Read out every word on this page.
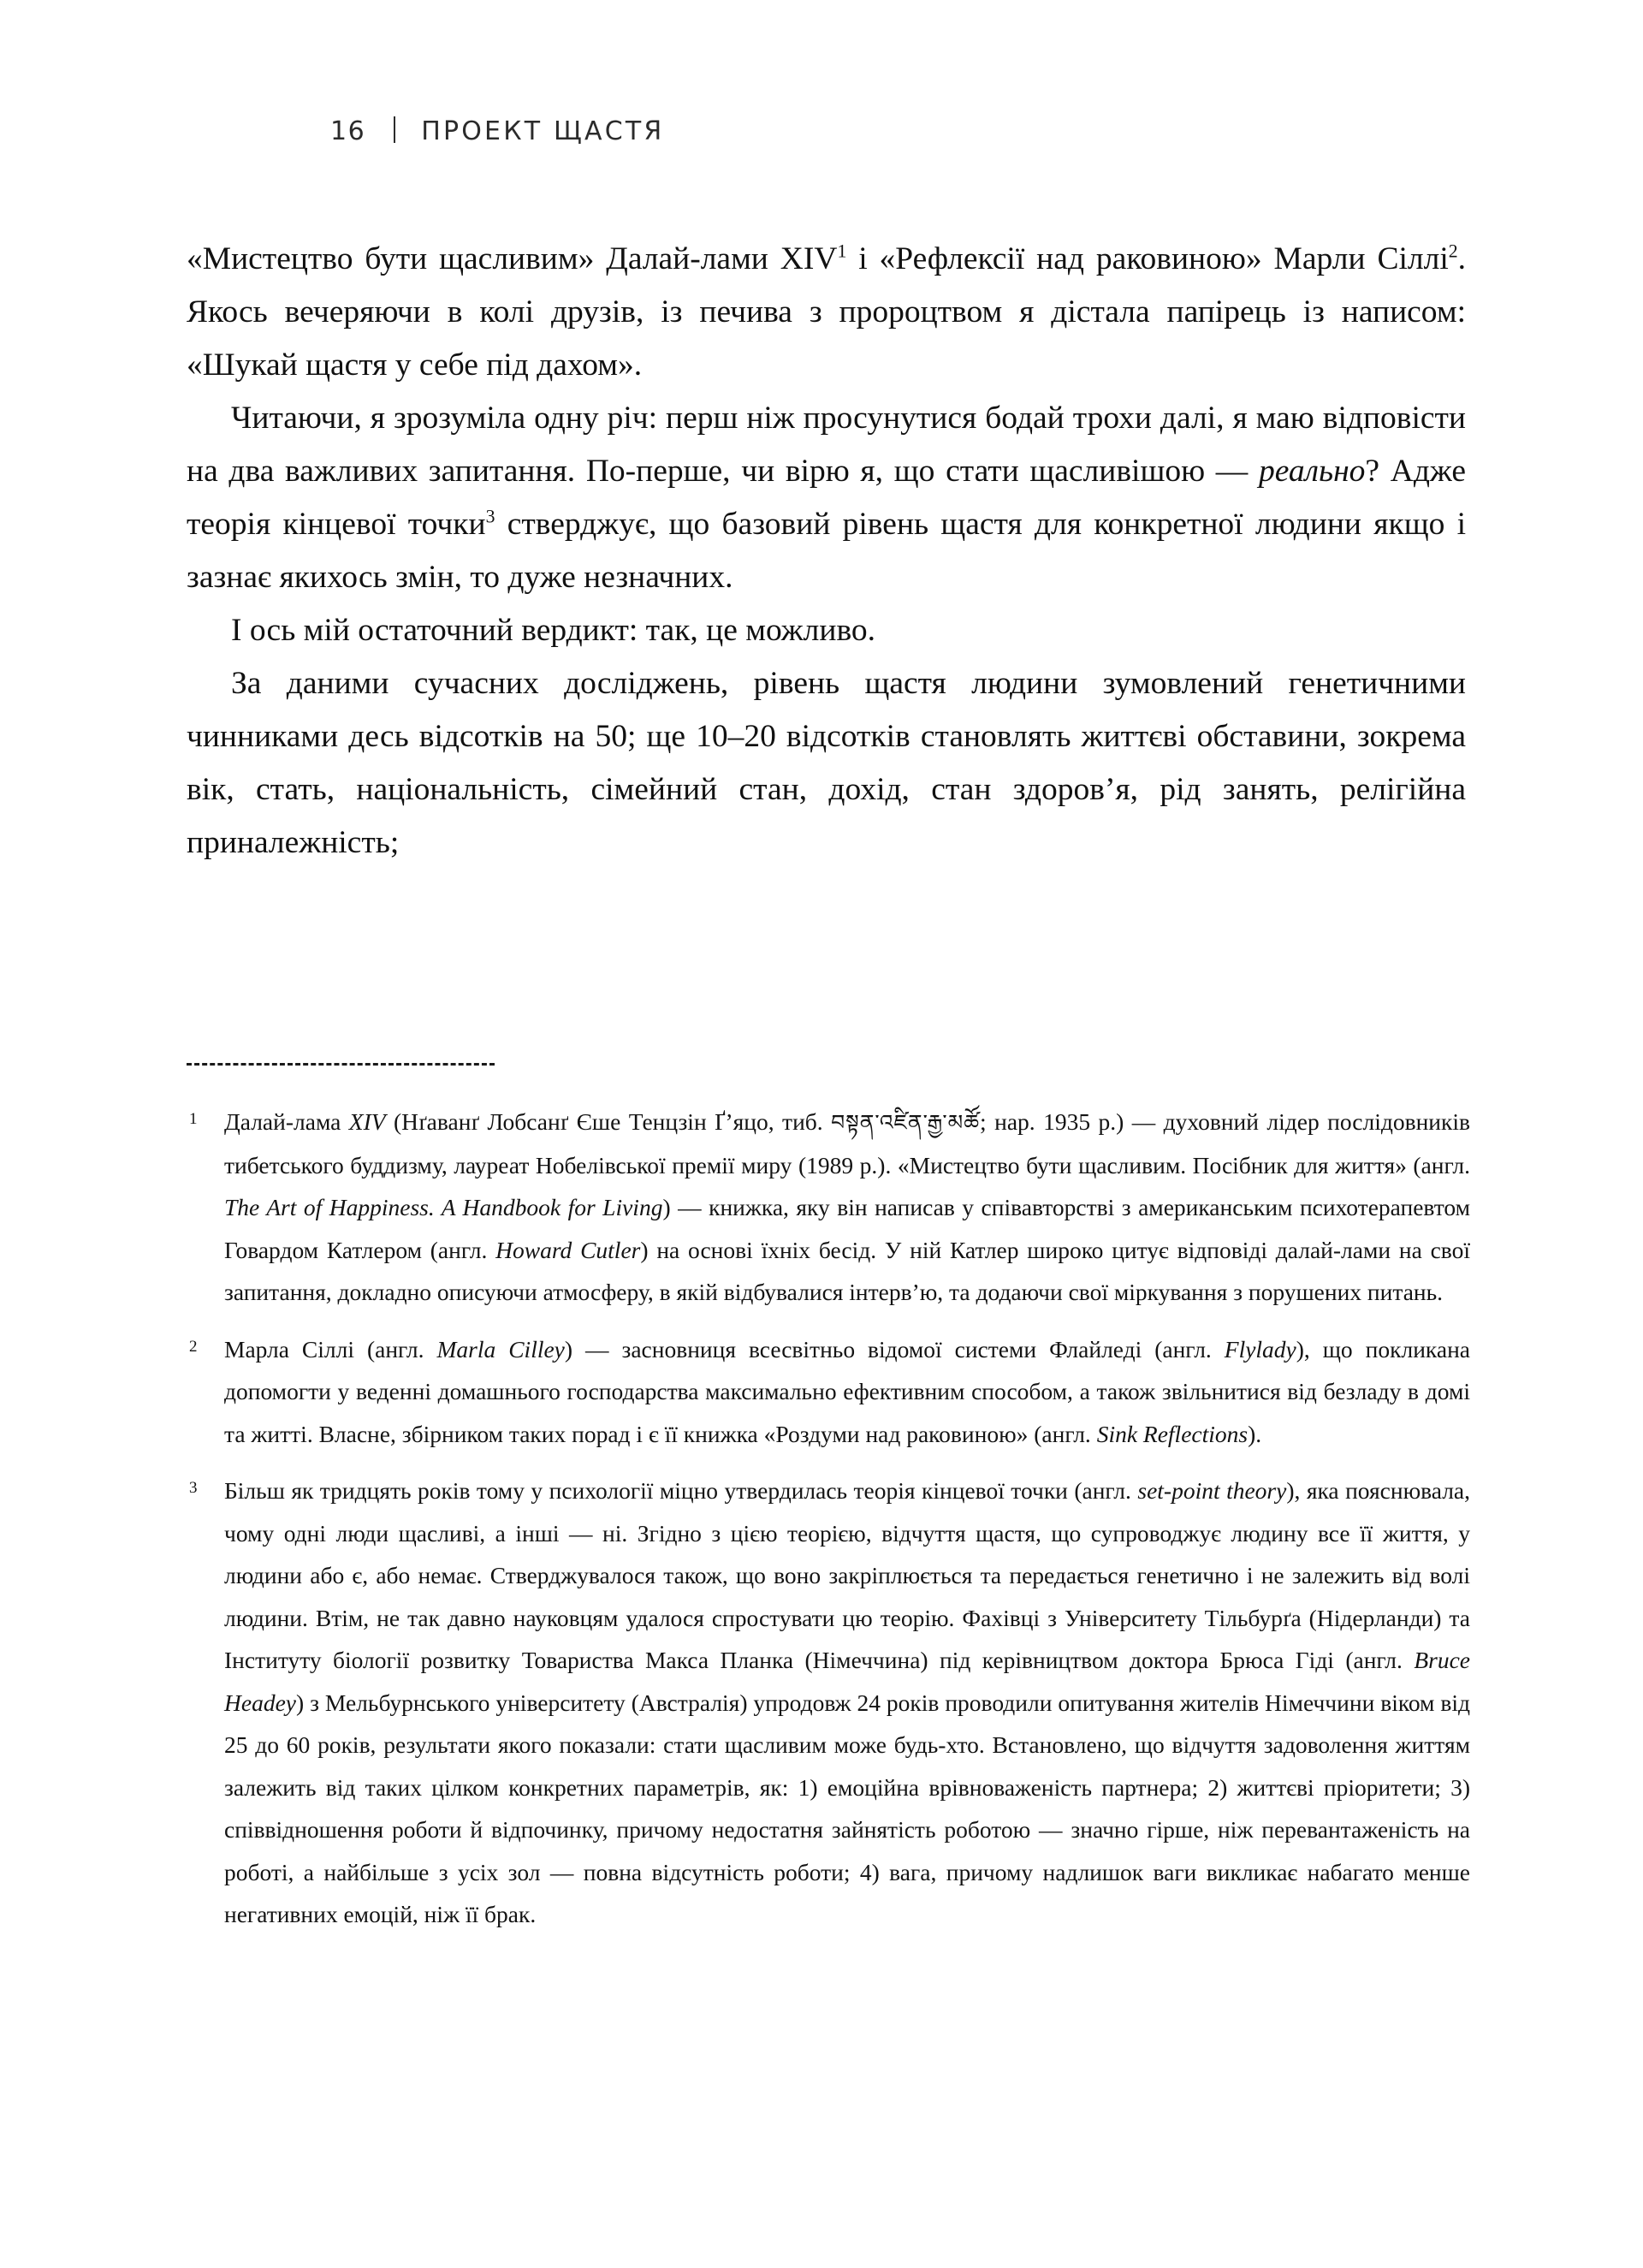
16 ПРОЕКТ ЩАСТЯ

«Мистецтво бути щасливим» Далай-лами XIV$^1$ і «Рефлексії над раковиною» Марли Сіллі$^2$. Якось вечеряючи в колі друзів, із печива з пророцтвом я дістала папірець із написом: «Шукай щастя у себе під дахом».

Читаючи, я зрозуміла одну річ: перш ніж просунутися бодай трохи далі, я маю відповісти на два важливих запитання. По-перше, чи вірю я, що стати щасливішою — реально? Адже теорія кінцевої точки$^3$ стверджує, що базовий рівень щастя для конкретної людини якщо і зазнає якихось змін, то дуже незначних.

І ось мій остаточний вердикт: так, це можливо.

За даними сучасних досліджень, рівень щастя людини зумовлений генетичними чинниками десь відсотків на 50; ще 10–20 відсотків становлять життєві обставини, зокрема вік, стать, національність, сімейний стан, дохід, стан здоров’я, рід занять, релігійна приналежність;

1	Далай-лама XIV (Нґаванґ Лобсанґ Єше Тенцзін Ґ’яцо, тиб. བསྟན་འཛིན་རྒྱ་མཚོ; нар. 1935 р.) — духовний лідер послідовників тибетського буддизму, лауреат Нобелівської премії миру (1989 р.). «Мистецтво бути щасливим. Посібник для життя» (англ. The Art of Happiness. A Handbook for Living) — книжка, яку він написав у співавторстві з американським психотерапевтом Говардом Катлером (англ. Howard Cutler) на основі їхніх бесід. У ній Катлер широко цитує відповіді далай-лами на свої запитання, докладно описуючи атмосферу, в якій відбувалися інтерв’ю, та додаючи свої міркування з порушених питань.
2	Марла Сіллі (англ. Marla Cilley) — засновниця всесвітньо відомої системи Флайледі (англ. Flylady), що покликана допомогти у веденні домашнього господарства максимально ефективним способом, а також звільнитися від безладу в домі та житті. Власне, збірником таких порад і є її книжка «Роздуми над раковиною» (англ. Sink Reflections).
3	Більш як тридцять років тому у психології міцно утвердилась теорія кінцевої точки (англ. set-point theory), яка пояснювала, чому одні люди щасливі, а інші — ні. Згідно з цією теорією, відчуття щастя, що супроводжує людину все її життя, у людини або є, або немає. Стверджувалося також, що воно закріплюється та передається генетично і не залежить від волі людини. Втім, не так давно науковцям удалося спростувати цю теорію. Фахівці з Університету Тільбурґа (Нідерланди) та Інституту біології розвитку Товариства Макса Планка (Німеччина) під керівництвом доктора Брюса Гіді (англ. Bruce Headey) з Мельбурнського університету (Австралія) упродовж 24 років проводили опитування жителів Німеччини віком від 25 до 60 років, результати якого показали: стати щасливим може будь-хто. Встановлено, що відчуття задоволення життям залежить від таких цілком конкретних параметрів, як: 1) емоційна врівноваженість партнера; 2) життєві пріоритети; 3) співвідношення роботи й відпочинку, причому недостатня зайнятість роботою — значно гірше, ніж перевантаженість на роботі, а найбільше з усіх зол — повна відсутність роботи; 4) вага, причому надлишок ваги викликає набагато менше негативних емоцій, ніж її брак.
